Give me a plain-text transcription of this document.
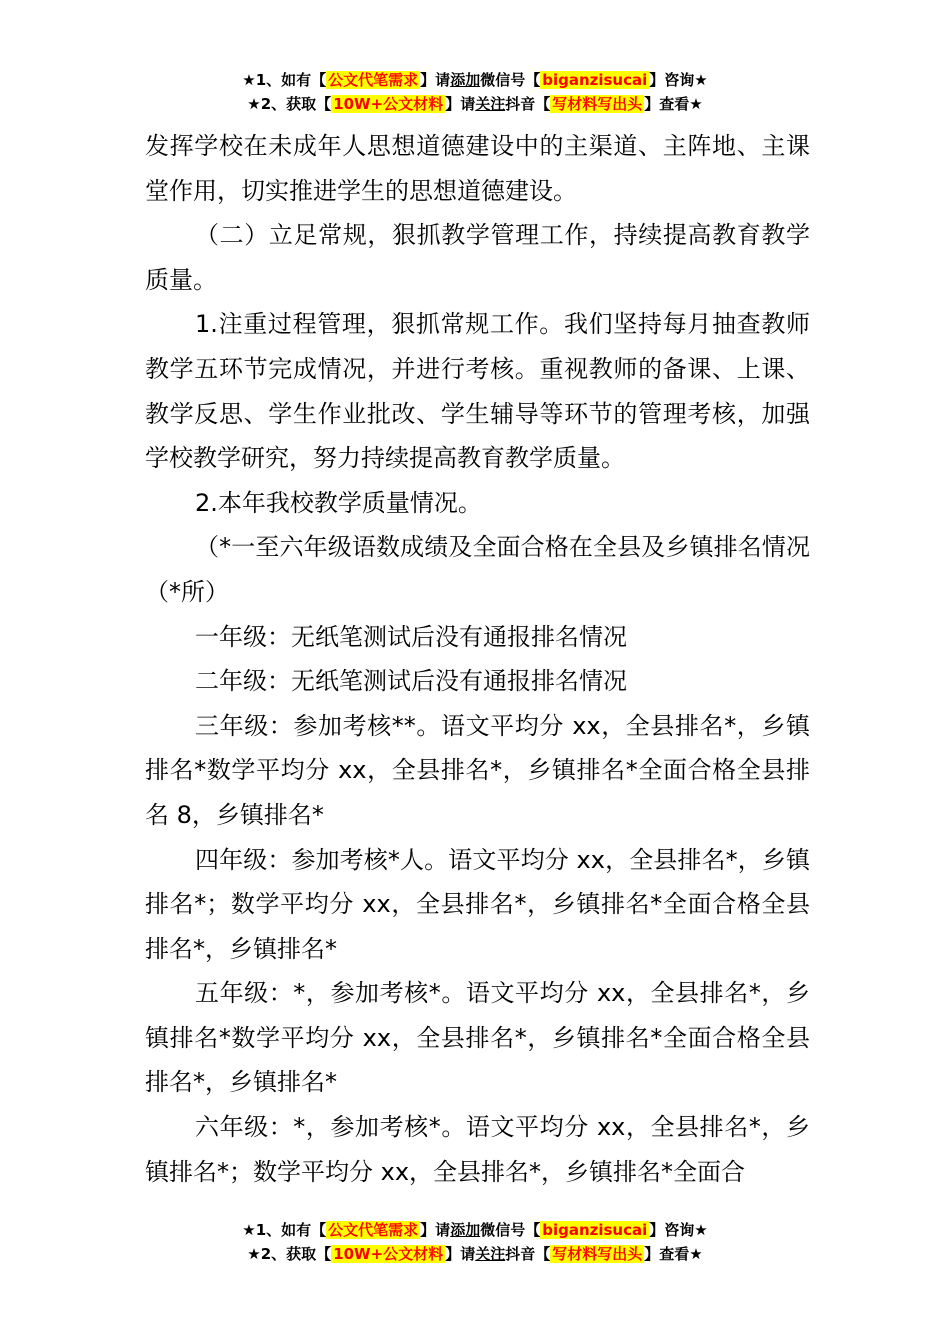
★1、如有【 公文代笔需求 】请添加微信号【 biganzisucai 】咨询★
★2、获取【 10W+公文材料 】请关注抖音【 写材料写出头 】查看★

发挥学校在未成年人思想道德建设中的主渠道、主阵地、主课堂作用，切实推进学生的思想道德建设。

（二）立足常规，狠抓教学管理工作，持续提高教育教学质量。

1.注重过程管理，狠抓常规工作。我们坚持每月抽查教师教学五环节完成情况，并进行考核。重视教师的备课、上课、教学反思、学生作业批改、学生辅导等环节的管理考核，加强学校教学研究，努力持续提高教育教学质量。

2.本年我校教学质量情况。

（*一至六年级语数成绩及全面合格在全县及乡镇排名情况（*所）

一年级：无纸笔测试后没有通报排名情况

二年级：无纸笔测试后没有通报排名情况

三年级：参加考核**。语文平均分 xx，全县排名*，乡镇排名*数学平均分 xx，全县排名*，乡镇排名*全面合格全县排名 8，乡镇排名*

四年级：参加考核*人。语文平均分 xx，全县排名*，乡镇排名*；数学平均分 xx，全县排名*，乡镇排名*全面合格全县排名*，乡镇排名*

五年级：*，参加考核*。语文平均分 xx，全县排名*，乡镇排名*数学平均分 xx，全县排名*，乡镇排名*全面合格全县排名*，乡镇排名*

六年级：*，参加考核*。语文平均分 xx，全县排名*，乡镇排名*；数学平均分 xx，全县排名*，乡镇排名*全面合

★1、如有【 公文代笔需求 】请添加微信号【 biganzisucai 】咨询★
★2、获取【 10W+公文材料 】请关注抖音【 写材料写出头 】查看★
